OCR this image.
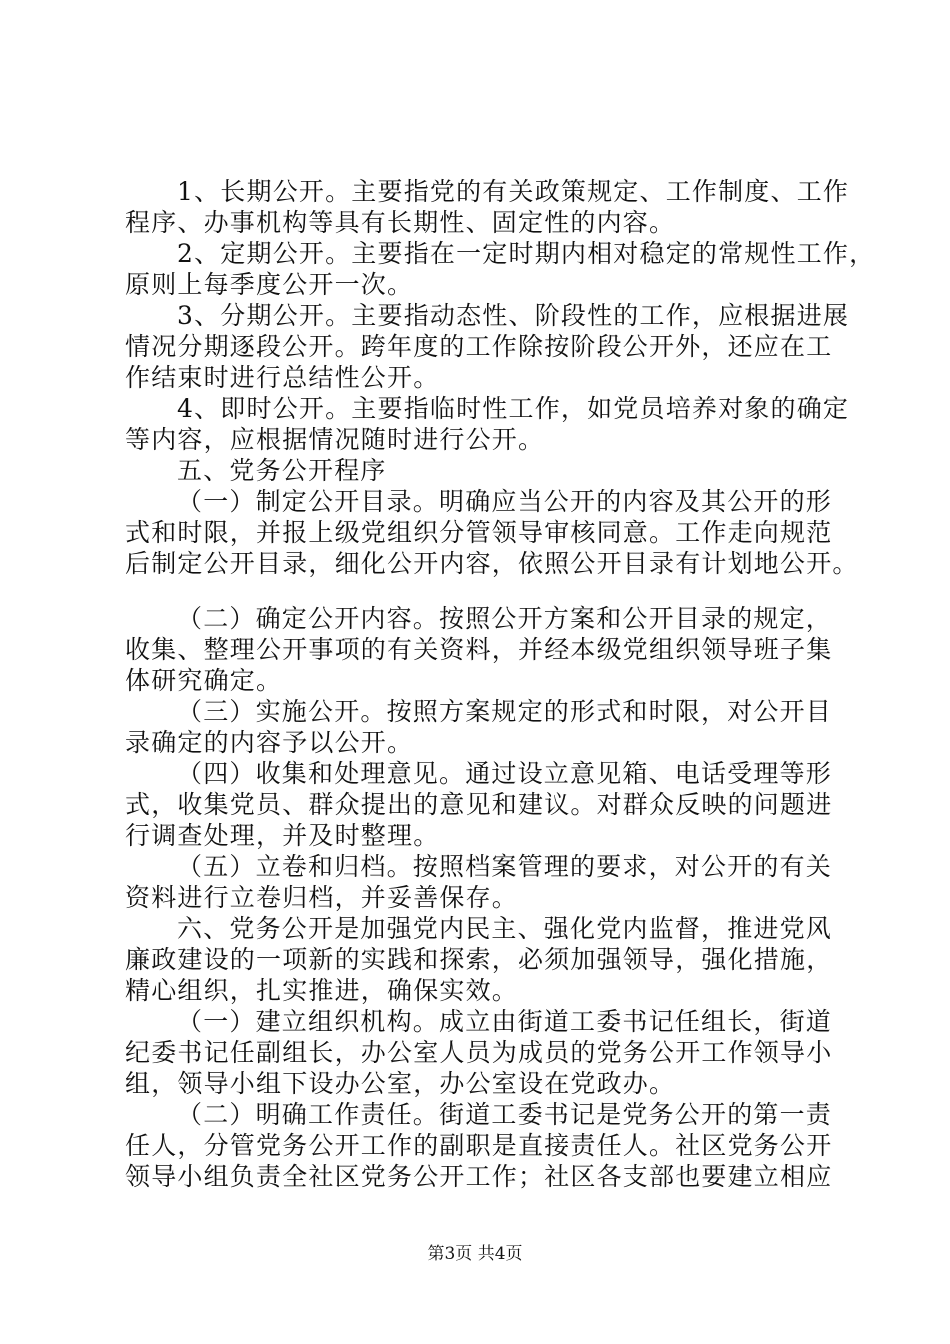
1、长期公开。主要指党的有关政策规定、工作制度、工作
程序、办事机构等具有长期性、固定性的内容。
2、定期公开。主要指在一定时期内相对稳定的常规性工作，
原则上每季度公开一次。
3、分期公开。主要指动态性、阶段性的工作，应根据进展
情况分期逐段公开。跨年度的工作除按阶段公开外，还应在工
作结束时进行总结性公开。
4、即时公开。主要指临时性工作，如党员培养对象的确定
等内容，应根据情况随时进行公开。
五、党务公开程序
（一）制定公开目录。明确应当公开的内容及其公开的形
式和时限，并报上级党组织分管领导审核同意。工作走向规范
后制定公开目录，细化公开内容，依照公开目录有计划地公开。
（二）确定公开内容。按照公开方案和公开目录的规定，
收集、整理公开事项的有关资料，并经本级党组织领导班子集
体研究确定。
（三）实施公开。按照方案规定的形式和时限，对公开目
录确定的内容予以公开。
（四）收集和处理意见。通过设立意见箱、电话受理等形
式，收集党员、群众提出的意见和建议。对群众反映的问题进
行调查处理，并及时整理。
（五）立卷和归档。按照档案管理的要求，对公开的有关
资料进行立卷归档，并妥善保存。
六、党务公开是加强党内民主、强化党内监督，推进党风
廉政建设的一项新的实践和探索，必须加强领导，强化措施，
精心组织，扎实推进，确保实效。
（一）建立组织机构。成立由街道工委书记任组长，街道
纪委书记任副组长，办公室人员为成员的党务公开工作领导小
组，领导小组下设办公室，办公室设在党政办。
（二）明确工作责任。街道工委书记是党务公开的第一责
任人，分管党务公开工作的副职是直接责任人。社区党务公开
领导小组负责全社区党务公开工作；社区各支部也要建立相应
第3页 共4页
